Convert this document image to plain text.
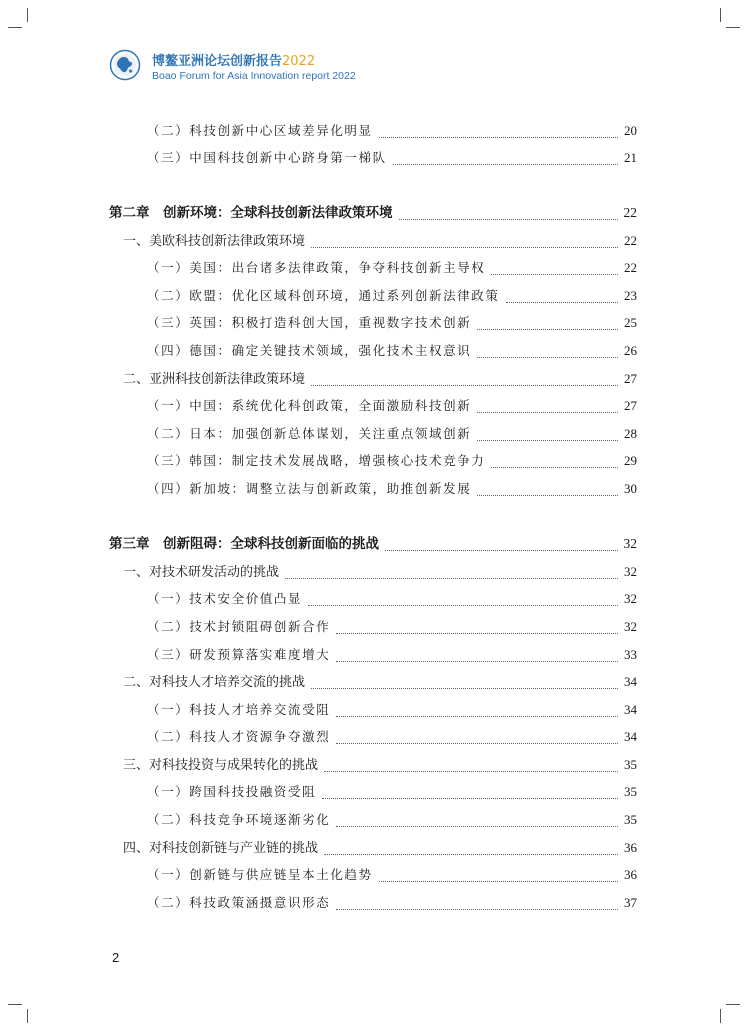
博鳌亚洲论坛创新报告2022
Boao Forum for Asia Innovation report 2022
（二）科技创新中心区域差异化明显	20
（三）中国科技创新中心跻身第一梯队	21
第二章　创新环境：全球科技创新法律政策环境	22
一、美欧科技创新法律政策环境	22
（一）美国：出台诸多法律政策，争夺科技创新主导权	22
（二）欧盟：优化区域科创环境，通过系列创新法律政策	23
（三）英国：积极打造科创大国，重视数字技术创新	25
（四）德国：确定关键技术领域，强化技术主权意识	26
二、亚洲科技创新法律政策环境	27
（一）中国：系统优化科创政策，全面激励科技创新	27
（二）日本：加强创新总体谋划，关注重点领域创新	28
（三）韩国：制定技术发展战略，增强核心技术竞争力	29
（四）新加坡：调整立法与创新政策，助推创新发展	30
第三章　创新阻碍：全球科技创新面临的挑战	32
一、对技术研发活动的挑战	32
（一）技术安全价值凸显	32
（二）技术封锁阻碍创新合作	32
（三）研发预算落实难度增大	33
二、对科技人才培养交流的挑战	34
（一）科技人才培养交流受阻	34
（二）科技人才资源争夺激烈	34
三、对科技投资与成果转化的挑战	35
（一）跨国科技投融资受阻	35
（二）科技竞争环境逐渐劣化	35
四、对科技创新链与产业链的挑战	36
（一）创新链与供应链呈本土化趋势	36
（二）科技政策涵摄意识形态	37
2
